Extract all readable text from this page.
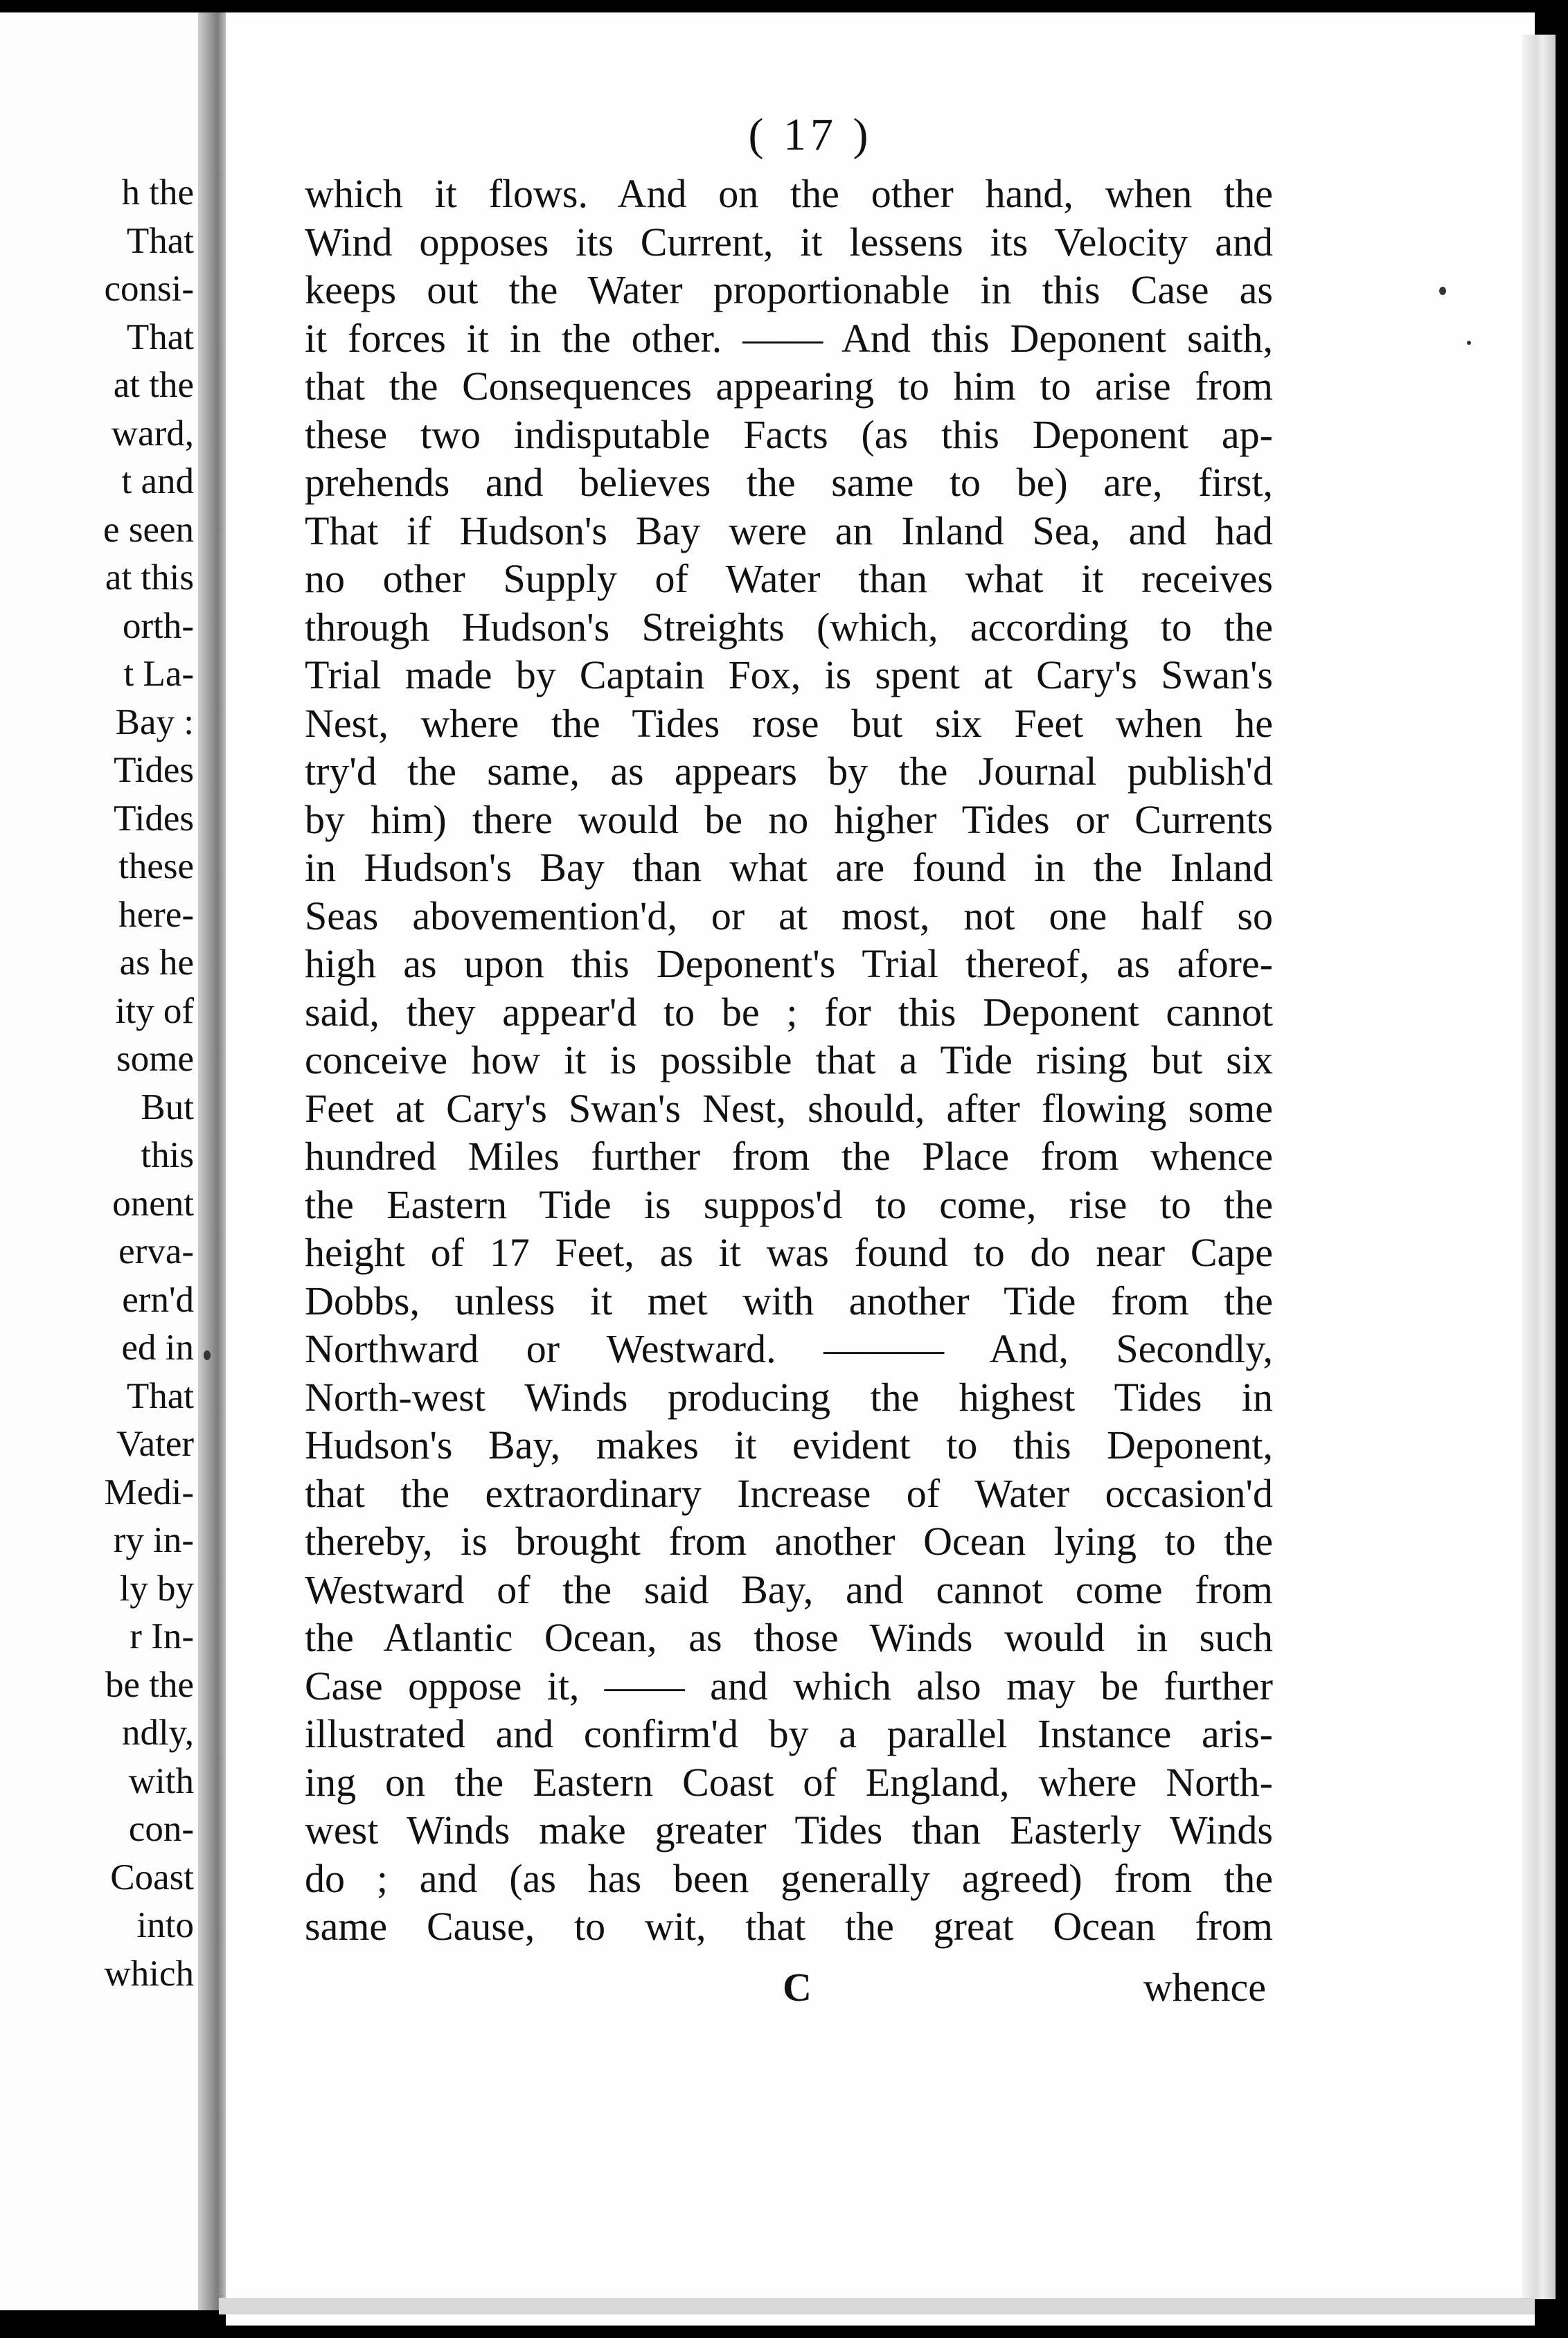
h the
That
consi-
That
at the
ward,
t and
e seen
at this
orth-
t La-
Bay :
Tides
Tides
these
here-
as he
ity of
some
But
this
onent
erva-
ern'd
ed in
That
Vater
Medi-
ry in-
ly by
r In-
be the
ndly,
with
con-
Coast
into
which
( 17 )
which it flows. And on the other hand, when the
Wind opposes its Current, it lessens its Velocity and
keeps out the Water proportionable in this Case as
it forces it in the other. —— And this Deponent saith,
that the Consequences appearing to him to arise from
these two indisputable Facts (as this Deponent ap-
prehends and believes the same to be) are, first,
That if Hudson's Bay were an Inland Sea, and had
no other Supply of Water than what it receives
through Hudson's Streights (which, according to the
Trial made by Captain Fox, is spent at Cary's Swan's
Nest, where the Tides rose but six Feet when he
try'd the same, as appears by the Journal publish'd
by him) there would be no higher Tides or Currents
in Hudson's Bay than what are found in the Inland
Seas abovemention'd, or at most, not one half so
high as upon this Deponent's Trial thereof, as afore-
said, they appear'd to be ; for this Deponent cannot
conceive how it is possible that a Tide rising but six
Feet at Cary's Swan's Nest, should, after flowing some
hundred Miles further from the Place from whence
the Eastern Tide is suppos'd to come, rise to the
height of 17 Feet, as it was found to do near Cape
Dobbs, unless it met with another Tide from the
Northward or Westward. ——— And, Secondly,
North-west Winds producing the highest Tides in
Hudson's Bay, makes it evident to this Deponent,
that the extraordinary Increase of Water occasion'd
thereby, is brought from another Ocean lying to the
Westward of the said Bay, and cannot come from
the Atlantic Ocean, as those Winds would in such
Case oppose it, —— and which also may be further
illustrated and confirm'd by a parallel Instance aris-
ing on the Eastern Coast of England, where North-
west Winds make greater Tides than Easterly Winds
do ; and (as has been generally agreed) from the
same Cause, to wit, that the great Ocean from
C	whence
